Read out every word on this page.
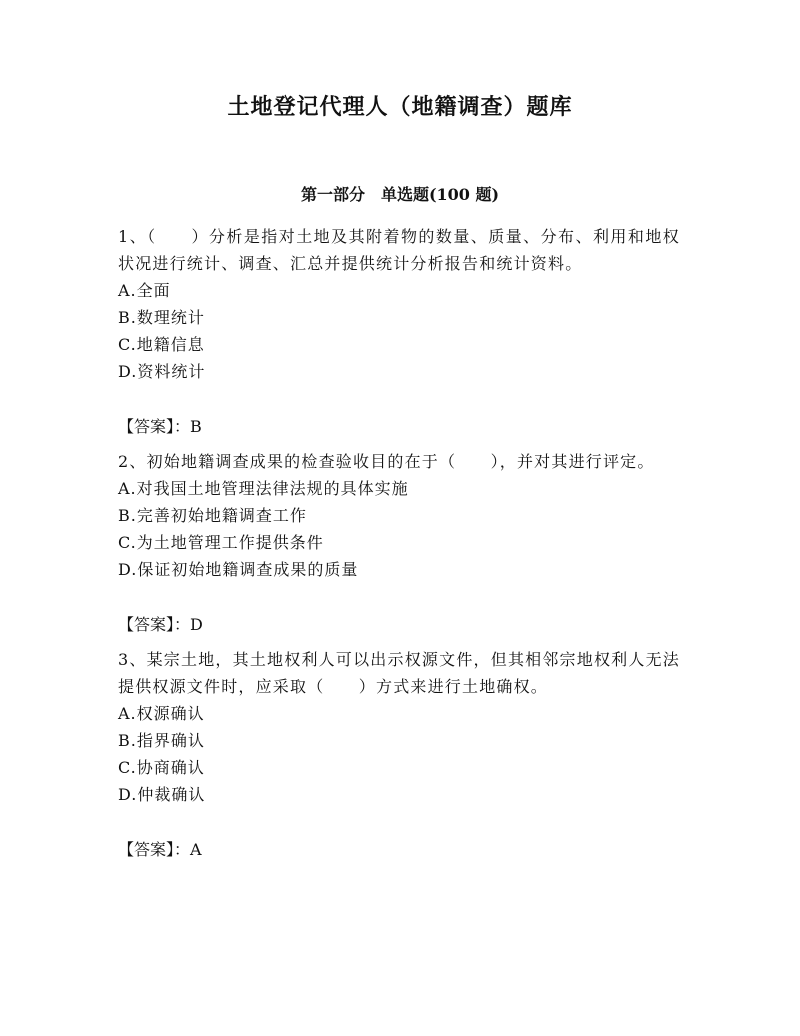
土地登记代理人（地籍调查）题库
第一部分　单选题(100 题)
1、（　　）分析是指对土地及其附着物的数量、质量、分布、利用和地权状况进行统计、调查、汇总并提供统计分析报告和统计资料。
A.全面
B.数理统计
C.地籍信息
D.资料统计
【答案】：B
2、初始地籍调查成果的检查验收目的在于（　　），并对其进行评定。
A.对我国土地管理法律法规的具体实施
B.完善初始地籍调查工作
C.为土地管理工作提供条件
D.保证初始地籍调查成果的质量
【答案】：D
3、某宗土地，其土地权利人可以出示权源文件，但其相邻宗地权利人无法提供权源文件时，应采取（　　）方式来进行土地确权。
A.权源确认
B.指界确认
C.协商确认
D.仲裁确认
【答案】：A
